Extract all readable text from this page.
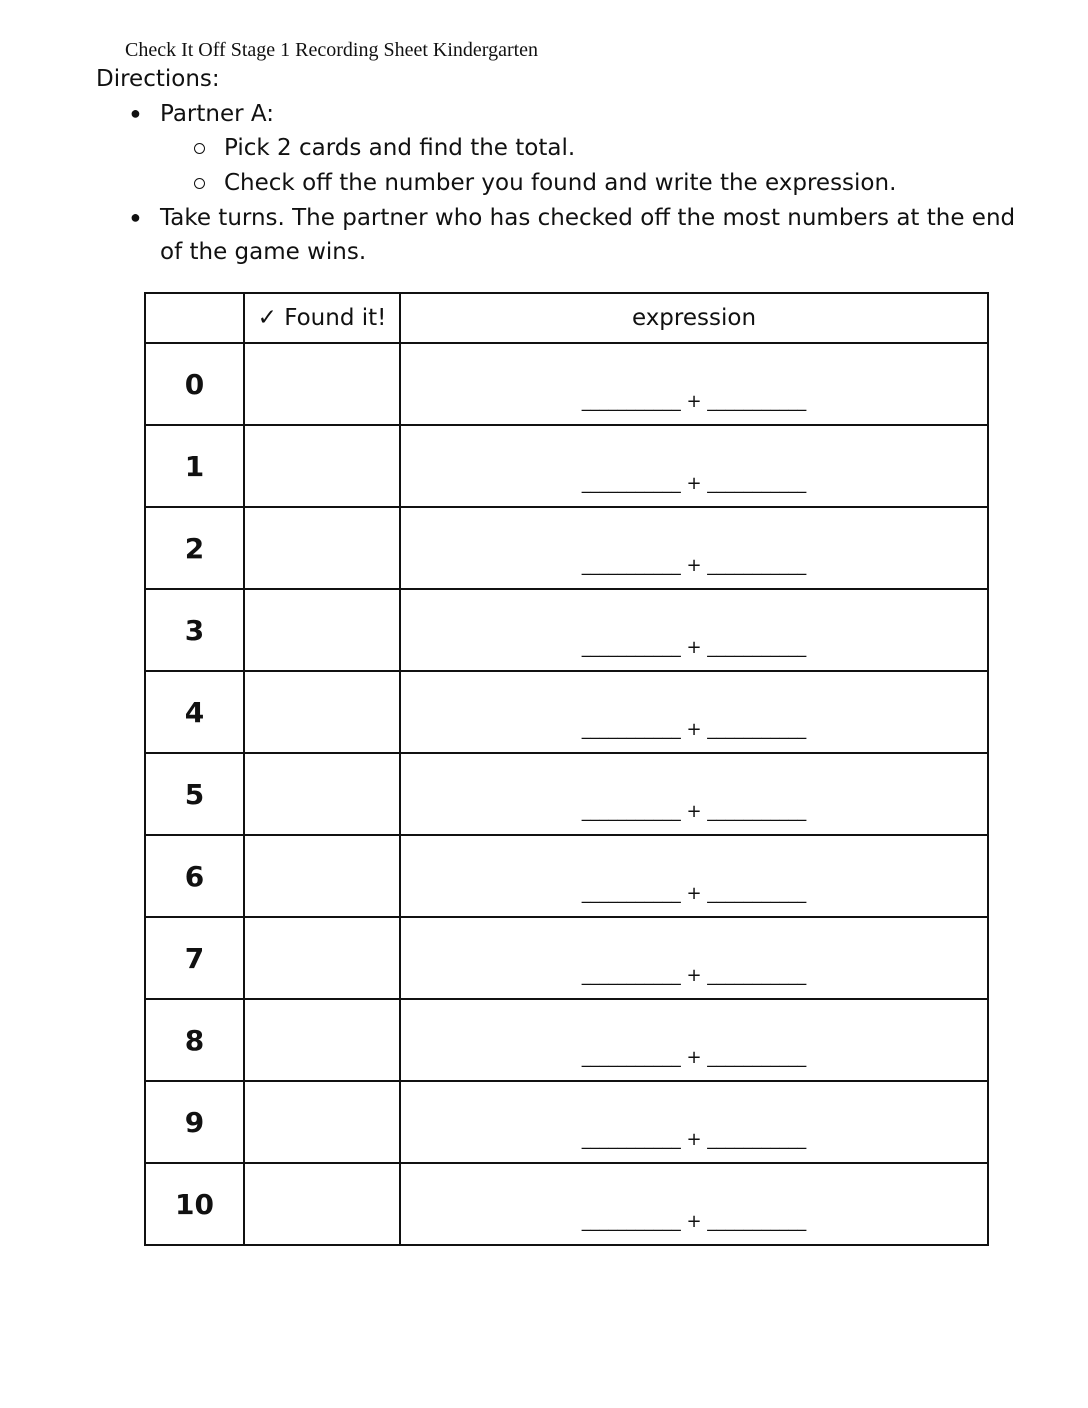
Check It Off Stage 1 Recording Sheet Kindergarten
Directions:
● Partner A:
Pick 2 cards and find the total.
Check off the number you found and write the expression.
● Take turns. The partner who has checked off the most numbers at the end of the game wins.
	✓ Found it!	expression
0		___________ + ___________

1		___________ + ___________

2		___________ + ___________

3		___________ + ___________

4		___________ + ___________

5		___________ + ___________

6		___________ + ___________

7		___________ + ___________

8		___________ + ___________

9		___________ + ___________

10		___________ + ___________
